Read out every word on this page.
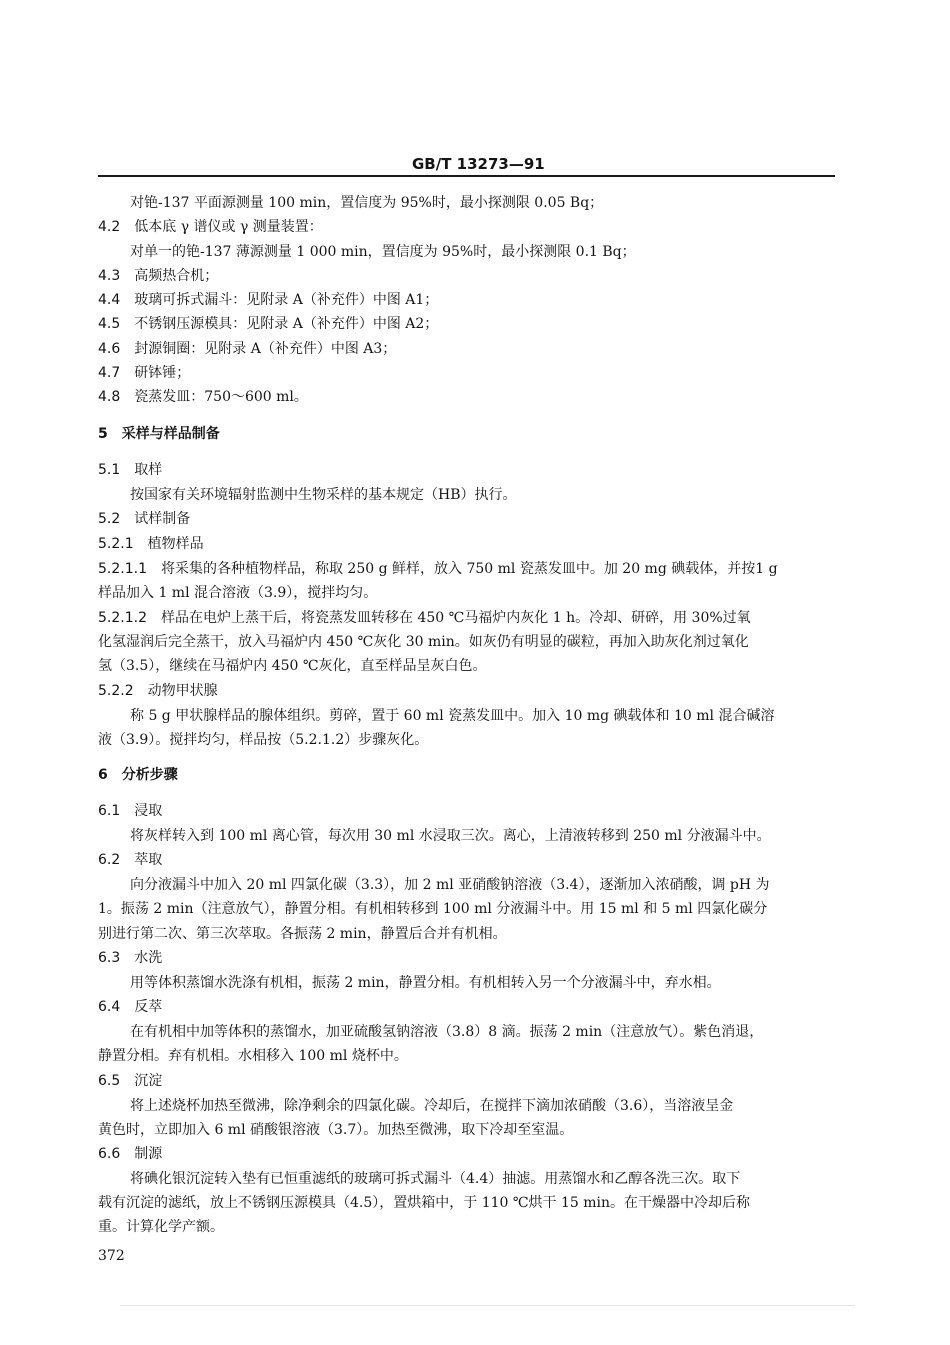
GB/T 13273—91
对铯-137 平面源测量 100 min，置信度为 95%时，最小探测限 0.05 Bq；
4.2 低本底 γ 谱仪或 γ 测量装置：
对单一的铯-137 薄源测量 1 000 min，置信度为 95%时，最小探测限 0.1 Bq；
4.3 高频热合机；
4.4 玻璃可拆式漏斗：见附录 A（补充件）中图 A1；
4.5 不锈钢压源模具：见附录 A（补充件）中图 A2；
4.6 封源铜圈：见附录 A（补充件）中图 A3；
4.7 研钵锤；
4.8 瓷蒸发皿：750～600 ml。
5 采样与样品制备
5.1 取样
按国家有关环境辐射监测中生物采样的基本规定（HB）执行。
5.2 试样制备
5.2.1 植物样品
5.2.1.1 将采集的各种植物样品，称取 250 g 鲜样，放入 750 ml 瓷蒸发皿中。加 20 mg 碘载体，并按1 g
样品加入 1 ml 混合溶液（3.9），搅拌均匀。
5.2.1.2 样品在电炉上蒸干后，将瓷蒸发皿转移在 450 ℃马福炉内灰化 1 h。冷却、研碎，用 30%过氧
化氢湿润后完全蒸干，放入马福炉内 450 ℃灰化 30 min。如灰仍有明显的碳粒，再加入助灰化剂过氧化
氢（3.5），继续在马福炉内 450 ℃灰化，直至样品呈灰白色。
5.2.2 动物甲状腺
称 5 g 甲状腺样品的腺体组织。剪碎，置于 60 ml 瓷蒸发皿中。加入 10 mg 碘载体和 10 ml 混合碱溶
液（3.9）。搅拌均匀，样品按（5.2.1.2）步骤灰化。
6 分析步骤
6.1 浸取
将灰样转入到 100 ml 离心管，每次用 30 ml 水浸取三次。离心，上清液转移到 250 ml 分液漏斗中。
6.2 萃取
向分液漏斗中加入 20 ml 四氯化碳（3.3），加 2 ml 亚硝酸钠溶液（3.4），逐渐加入浓硝酸，调 pH 为
1。振荡 2 min（注意放气），静置分相。有机相转移到 100 ml 分液漏斗中。用 15 ml 和 5 ml 四氯化碳分
别进行第二次、第三次萃取。各振荡 2 min，静置后合并有机相。
6.3 水洗
用等体积蒸馏水洗涤有机相，振荡 2 min，静置分相。有机相转入另一个分液漏斗中，弃水相。
6.4 反萃
在有机相中加等体积的蒸馏水，加亚硫酸氢钠溶液（3.8）8 滴。振荡 2 min（注意放气）。紫色消退，
静置分相。弃有机相。水相移入 100 ml 烧杯中。
6.5 沉淀
将上述烧杯加热至微沸，除净剩余的四氯化碳。冷却后，在搅拌下滴加浓硝酸（3.6），当溶液呈金
黄色时，立即加入 6 ml 硝酸银溶液（3.7）。加热至微沸，取下冷却至室温。
6.6 制源
将碘化银沉淀转入垫有已恒重滤纸的玻璃可拆式漏斗（4.4）抽滤。用蒸馏水和乙醇各洗三次。取下
载有沉淀的滤纸，放上不锈钢压源模具（4.5），置烘箱中，于 110 ℃烘干 15 min。在干燥器中冷却后称
重。计算化学产额。
372
